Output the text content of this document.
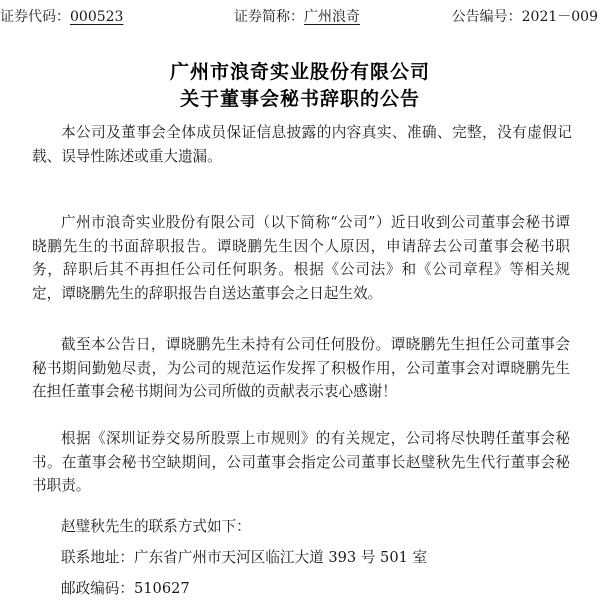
证券代码：000523	证券简称：广州浪奇	公告编号：2021－009
广州市浪奇实业股份有限公司
关于董事会秘书辞职的公告

本公司及董事会全体成员保证信息披露的内容真实、准确、完整，没有虚假记载、误导性陈述或重大遗漏。

广州市浪奇实业股份有限公司（以下简称“公司”）近日收到公司董事会秘书谭晓鹏先生的书面辞职报告。谭晓鹏先生因个人原因，申请辞去公司董事会秘书职务，辞职后其不再担任公司任何职务。根据《公司法》和《公司章程》等相关规定，谭晓鹏先生的辞职报告自送达董事会之日起生效。

截至本公告日，谭晓鹏先生未持有公司任何股份。谭晓鹏先生担任公司董事会秘书期间勤勉尽责，为公司的规范运作发挥了积极作用，公司董事会对谭晓鹏先生在担任董事会秘书期间为公司所做的贡献表示衷心感谢！

根据《深圳证券交易所股票上市规则》的有关规定，公司将尽快聘任董事会秘书。在董事会秘书空缺期间，公司董事会指定公司董事长赵璧秋先生代行董事会秘书职责。

赵璧秋先生的联系方式如下：
联系地址：广东省广州市天河区临江大道 393 号 501 室
邮政编码：510627
